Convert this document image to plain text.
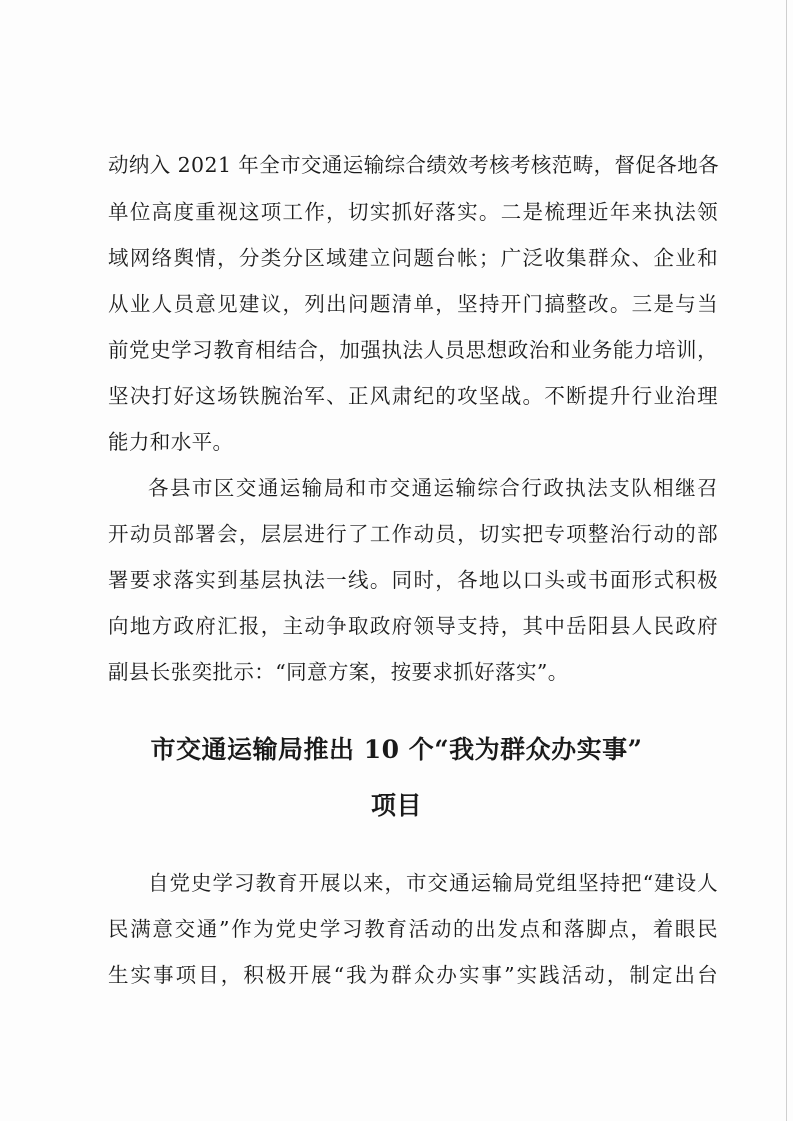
动纳入 2021 年全市交通运输综合绩效考核考核范畴，督促各地各
单位高度重视这项工作，切实抓好落实。二是梳理近年来执法领
域网络舆情，分类分区域建立问题台帐；广泛收集群众、企业和
从业人员意见建议，列出问题清单，坚持开门搞整改。三是与当
前党史学习教育相结合，加强执法人员思想政治和业务能力培训，
坚决打好这场铁腕治军、正风肃纪的攻坚战。不断提升行业治理
能力和水平。
各县市区交通运输局和市交通运输综合行政执法支队相继召
开动员部署会，层层进行了工作动员，切实把专项整治行动的部
署要求落实到基层执法一线。同时，各地以口头或书面形式积极
向地方政府汇报，主动争取政府领导支持，其中岳阳县人民政府
副县长张奕批示：“同意方案，按要求抓好落实”。
市交通运输局推出 10 个“我为群众办实事”
项目
自党史学习教育开展以来，市交通运输局党组坚持把“建设人
民满意交通”作为党史学习教育活动的出发点和落脚点，着眼民
生实事项目，积极开展“我为群众办实事”实践活动，制定出台
